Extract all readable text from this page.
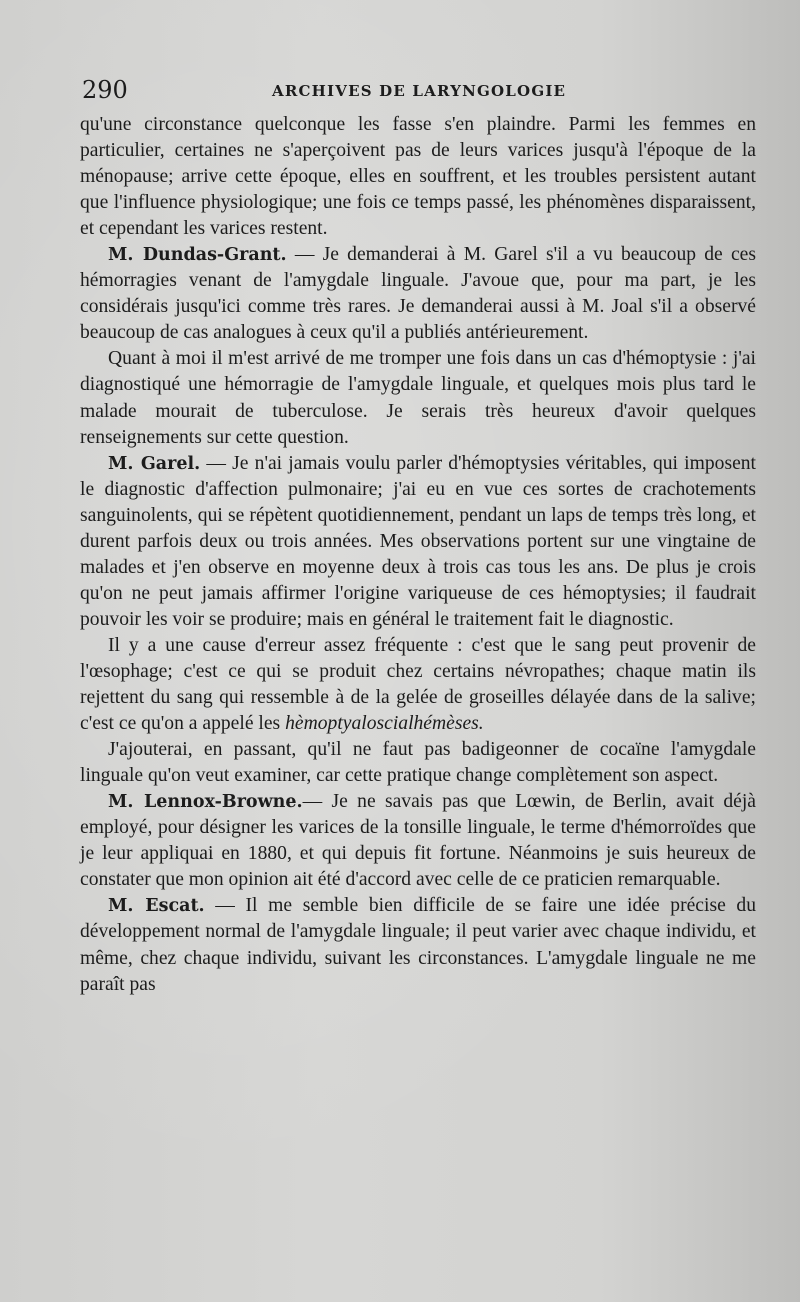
290	ARCHIVES DE LARYNGOLOGIE

qu'une circonstance quelconque les fasse s'en plaindre. Parmi les femmes en particulier, certaines ne s'aperçoivent pas de leurs varices jusqu'à l'époque de la ménopause; arrive cette époque, elles en souffrent, et les troubles persistent autant que l'influence physiologique; une fois ce temps passé, les phénomènes disparaissent, et cependant les varices restent.

M. Dundas-Grant. — Je demanderai à M. Garel s'il a vu beaucoup de ces hémorragies venant de l'amygdale linguale. J'avoue que, pour ma part, je les considérais jusqu'ici comme très rares. Je demanderai aussi à M. Joal s'il a observé beaucoup de cas analogues à ceux qu'il a publiés antérieurement.

Quant à moi il m'est arrivé de me tromper une fois dans un cas d'hémoptysie : j'ai diagnostiqué une hémorragie de l'amygdale linguale, et quelques mois plus tard le malade mourait de tuberculose. Je serais très heureux d'avoir quelques renseignements sur cette question.

M. Garel. — Je n'ai jamais voulu parler d'hémoptysies véritables, qui imposent le diagnostic d'affection pulmonaire; j'ai eu en vue ces sortes de crachotements sanguinolents, qui se répètent quotidiennement, pendant un laps de temps très long, et durent parfois deux ou trois années. Mes observations portent sur une vingtaine de malades et j'en observe en moyenne deux à trois cas tous les ans. De plus je crois qu'on ne peut jamais affirmer l'origine variqueuse de ces hémoptysies; il faudrait pouvoir les voir se produire; mais en général le traitement fait le diagnostic.

Il y a une cause d'erreur assez fréquente : c'est que le sang peut provenir de l'œsophage; c'est ce qui se produit chez certains névropathes; chaque matin ils rejettent du sang qui ressemble à de la gelée de groseilles délayée dans de la salive; c'est ce qu'on a appelé les hèmoptyaloscialhémèses.

J'ajouterai, en passant, qu'il ne faut pas badigeonner de cocaïne l'amygdale linguale qu'on veut examiner, car cette pratique change complètement son aspect.

M. Lennox-Browne.— Je ne savais pas que Lœwin, de Berlin, avait déjà employé, pour désigner les varices de la tonsille linguale, le terme d'hémorroïdes que je leur appliquai en 1880, et qui depuis fit fortune. Néanmoins je suis heureux de constater que mon opinion ait été d'accord avec celle de ce praticien remarquable.

M. Escat. — Il me semble bien difficile de se faire une idée précise du développement normal de l'amygdale linguale; il peut varier avec chaque individu, et même, chez chaque individu, suivant les circonstances. L'amygdale linguale ne me paraît pas
